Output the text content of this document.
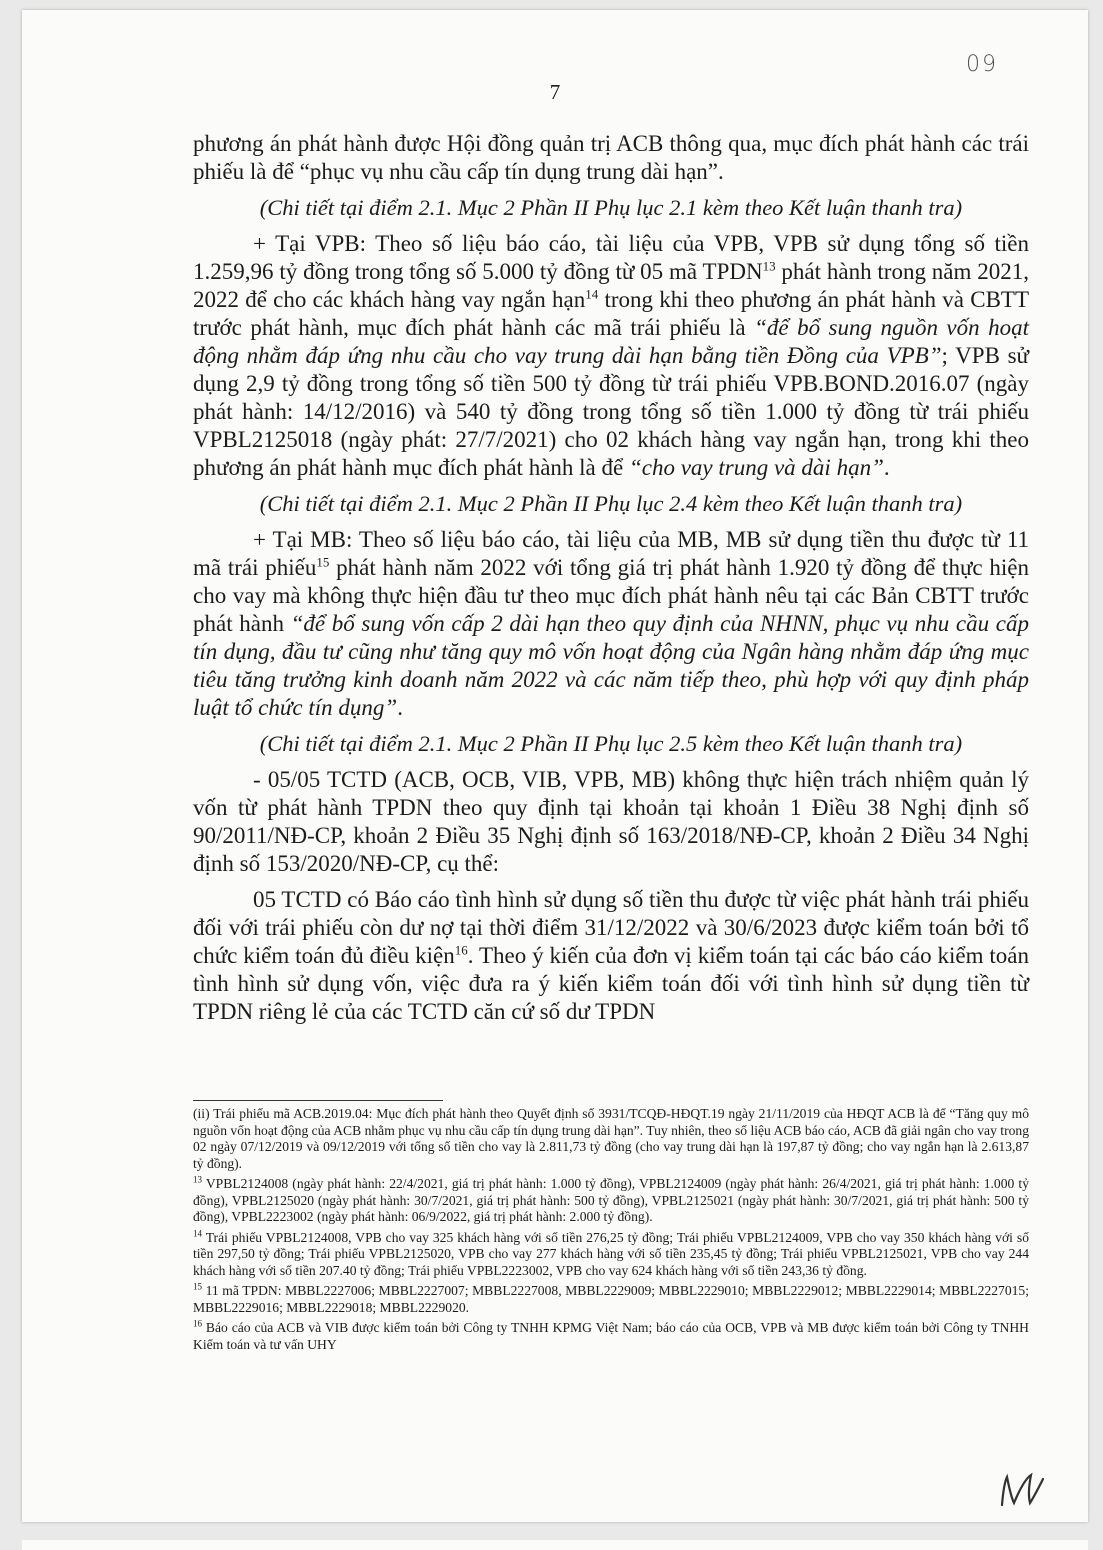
09
7

phương án phát hành được Hội đồng quản trị ACB thông qua, mục đích phát hành các trái phiếu là để “phục vụ nhu cầu cấp tín dụng trung dài hạn”.

(Chi tiết tại điểm 2.1. Mục 2 Phần II Phụ lục 2.1 kèm theo Kết luận thanh tra)

+ Tại VPB: Theo số liệu báo cáo, tài liệu của VPB, VPB sử dụng tổng số tiền 1.259,96 tỷ đồng trong tổng số 5.000 tỷ đồng từ 05 mã TPDN$^{13}$ phát hành trong năm 2021, 2022 để cho các khách hàng vay ngắn hạn$^{14}$ trong khi theo phương án phát hành và CBTT trước phát hành, mục đích phát hành các mã trái phiếu là “để bổ sung nguồn vốn hoạt động nhằm đáp ứng nhu cầu cho vay trung dài hạn bằng tiền Đồng của VPB”; VPB sử dụng 2,9 tỷ đồng trong tổng số tiền 500 tỷ đồng từ trái phiếu VPB.BOND.2016.07 (ngày phát hành: 14/12/2016) và 540 tỷ đồng trong tổng số tiền 1.000 tỷ đồng từ trái phiếu VPBL2125018 (ngày phát: 27/7/2021) cho 02 khách hàng vay ngắn hạn, trong khi theo phương án phát hành mục đích phát hành là để “cho vay trung và dài hạn”.

(Chi tiết tại điểm 2.1. Mục 2 Phần II Phụ lục 2.4 kèm theo Kết luận thanh tra)

+ Tại MB: Theo số liệu báo cáo, tài liệu của MB, MB sử dụng tiền thu được từ 11 mã trái phiếu$^{15}$ phát hành năm 2022 với tổng giá trị phát hành 1.920 tỷ đồng để thực hiện cho vay mà không thực hiện đầu tư theo mục đích phát hành nêu tại các Bản CBTT trước phát hành “để bổ sung vốn cấp 2 dài hạn theo quy định của NHNN, phục vụ nhu cầu cấp tín dụng, đầu tư cũng như tăng quy mô vốn hoạt động của Ngân hàng nhằm đáp ứng mục tiêu tăng trưởng kinh doanh năm 2022 và các năm tiếp theo, phù hợp với quy định pháp luật tổ chức tín dụng”.

(Chi tiết tại điểm 2.1. Mục 2 Phần II Phụ lục 2.5 kèm theo Kết luận thanh tra)

- 05/05 TCTD (ACB, OCB, VIB, VPB, MB) không thực hiện trách nhiệm quản lý vốn từ phát hành TPDN theo quy định tại khoản tại khoản 1 Điều 38 Nghị định số 90/2011/NĐ-CP, khoản 2 Điều 35 Nghị định số 163/2018/NĐ-CP, khoản 2 Điều 34 Nghị định số 153/2020/NĐ-CP, cụ thể:

05 TCTD có Báo cáo tình hình sử dụng số tiền thu được từ việc phát hành trái phiếu đối với trái phiếu còn dư nợ tại thời điểm 31/12/2022 và 30/6/2023 được kiểm toán bởi tổ chức kiểm toán đủ điều kiện$^{16}$. Theo ý kiến của đơn vị kiểm toán tại các báo cáo kiểm toán tình hình sử dụng vốn, việc đưa ra ý kiến kiểm toán đối với tình hình sử dụng tiền từ TPDN riêng lẻ của các TCTD căn cứ số dư TPDN

(ii) Trái phiếu mã ACB.2019.04: Mục đích phát hành theo Quyết định số 3931/TCQĐ-HĐQT.19 ngày 21/11/2019 của HĐQT ACB là để “Tăng quy mô nguồn vốn hoạt động của ACB nhằm phục vụ nhu cầu cấp tín dụng trung dài hạn”. Tuy nhiên, theo số liệu ACB báo cáo, ACB đã giải ngân cho vay trong 02 ngày 07/12/2019 và 09/12/2019 với tổng số tiền cho vay là 2.811,73 tỷ đồng (cho vay trung dài hạn là 197,87 tỷ đồng; cho vay ngắn hạn là 2.613,87 tỷ đồng).

$^{13}$ VPBL2124008 (ngày phát hành: 22/4/2021, giá trị phát hành: 1.000 tỷ đồng), VPBL2124009 (ngày phát hành: 26/4/2021, giá trị phát hành: 1.000 tỷ đồng), VPBL2125020 (ngày phát hành: 30/7/2021, giá trị phát hành: 500 tỷ đồng), VPBL2125021 (ngày phát hành: 30/7/2021, giá trị phát hành: 500 tỷ đồng), VPBL2223002 (ngày phát hành: 06/9/2022, giá trị phát hành: 2.000 tỷ đồng).

$^{14}$ Trái phiếu VPBL2124008, VPB cho vay 325 khách hàng với số tiền 276,25 tỷ đồng; Trái phiếu VPBL2124009, VPB cho vay 350 khách hàng với số tiền 297,50 tỷ đồng; Trái phiếu VPBL2125020, VPB cho vay 277 khách hàng với số tiền 235,45 tỷ đồng; Trái phiếu VPBL2125021, VPB cho vay 244 khách hàng với số tiền 207.40 tỷ đồng; Trái phiếu VPBL2223002, VPB cho vay 624 khách hàng với số tiền 243,36 tỷ đồng.

$^{15}$ 11 mã TPDN: MBBL2227006; MBBL2227007; MBBL2227008, MBBL2229009; MBBL2229010; MBBL2229012; MBBL2229014; MBBL2227015; MBBL2229016; MBBL2229018; MBBL2229020.

$^{16}$ Báo cáo của ACB và VIB được kiểm toán bởi Công ty TNHH KPMG Việt Nam; báo cáo của OCB, VPB và MB được kiểm toán bởi Công ty TNHH Kiểm toán và tư vấn UHY
